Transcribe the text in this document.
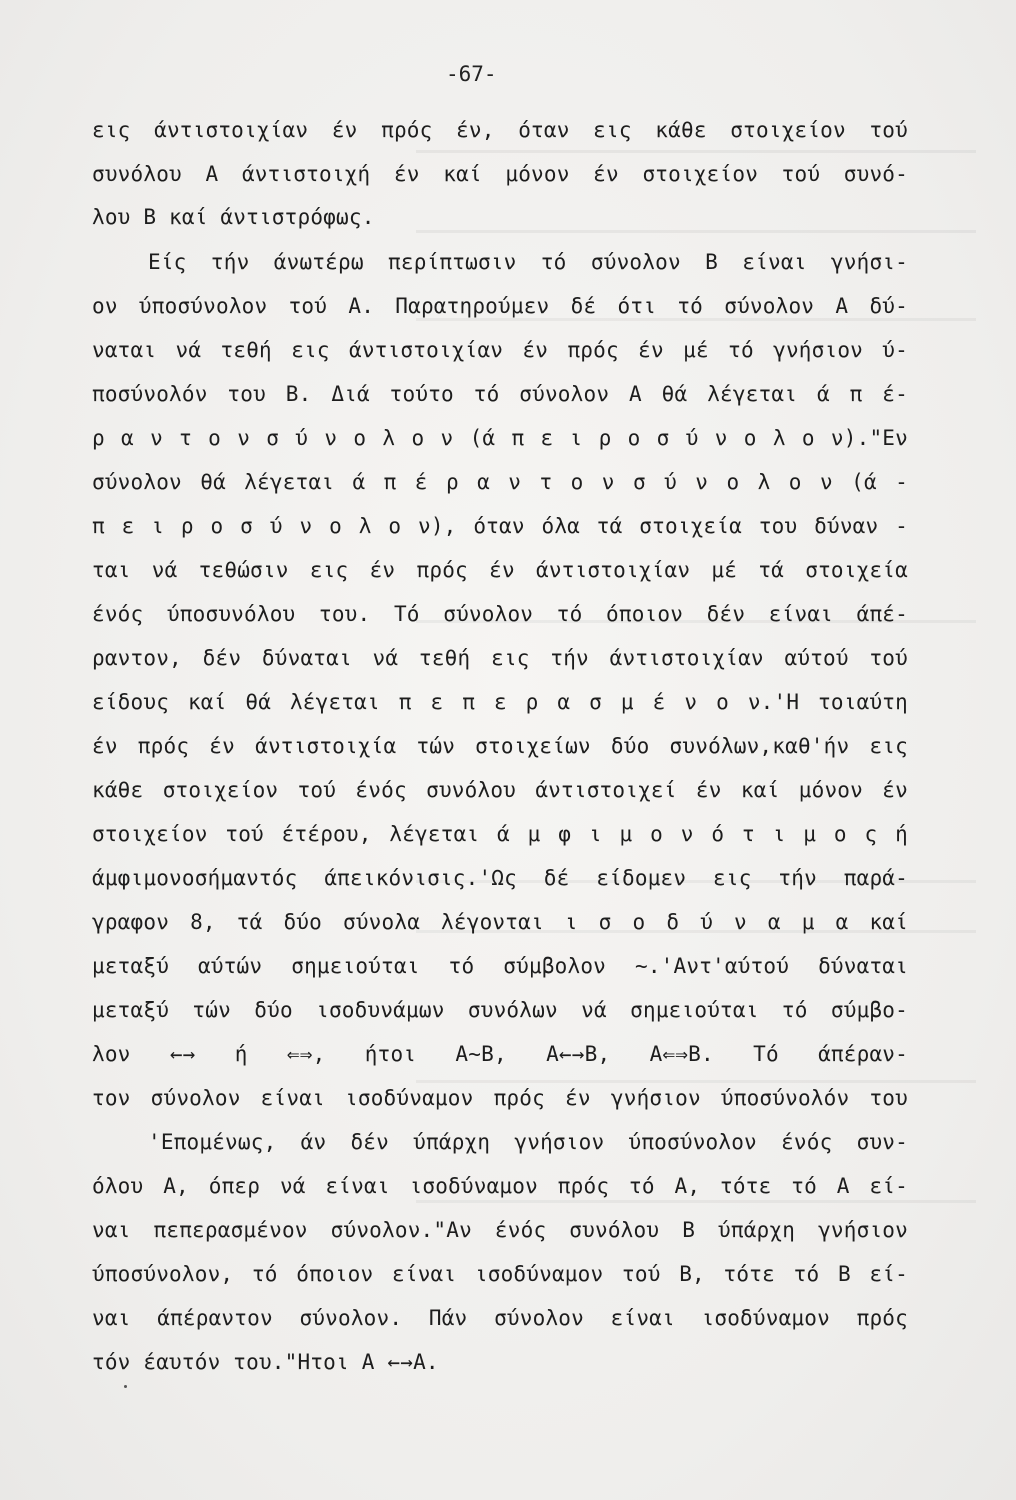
-67-
εις άντιστοιχίαν έν πρός έν, όταν εις κάθε στοιχείον τού
συνόλου Α άντιστοιχή έν καί μόνον έν στοιχείον τού συνό-
λου Β καί άντιστρόφως.
Είς τήν άνωτέρω περίπτωσιν τό σύνολον Β είναι γνήσι-
ον ύποσύνολον τού Α. Παρατηρούμεν δέ ότι τό σύνολον Α δύ-
ναται νά τεθή εις άντιστοιχίαν έν πρός έν μέ τό γνήσιον ύ-
ποσύνολόν του Β. Διά τούτο τό σύνολον Α θά λέγεται ά π έ-
ρ α ν τ ο ν σ ύ ν ο λ ο ν (ά π ε ι ρ ο σ ύ ν ο λ ο ν)."Εν
σύνολον θά λέγεται ά π έ ρ α ν τ ο ν σ ύ ν ο λ ο ν (ά -
π ε ι ρ ο σ ύ ν ο λ ο ν), όταν όλα τά στοιχεία του δύναν -
ται νά τεθώσιν εις έν πρός έν άντιστοιχίαν μέ τά στοιχεία
ένός ύποσυνόλου του. Τό σύνολον τό όποιον δέν είναι άπέ-
ραντον, δέν δύναται νά τεθή εις τήν άντιστοιχίαν αύτού τού
είδους καί θά λέγεται π ε π ε ρ α σ μ έ ν ο ν.'Η τοιαύτη
έν πρός έν άντιστοιχία τών στοιχείων δύο συνόλων,καθ'ήν εις
κάθε στοιχείον τού ένός συνόλου άντιστοιχεί έν καί μόνον έν
στοιχείον τού έτέρου, λέγεται ά μ φ ι μ ο ν ό τ ι μ ο ς ή
άμφιμονοσήμαντός άπεικόνισις.'Ως δέ είδομεν εις τήν παρά-
γραφον 8, τά δύο σύνολα λέγονται ι σ ο δ ύ ν α μ α καί
μεταξύ αύτών σημειούται τό σύμβολον ~.'Αντ'αύτού δύναται
μεταξύ τών δύο ισοδυνάμων συνόλων νά σημειούται τό σύμβο-
λον ←→ ή ⇐⇒, ήτοι Α~Β, Α←→Β, Α⇐⇒Β. Τό άπέραν-
τον σύνολον είναι ισοδύναμον πρός έν γνήσιον ύποσύνολόν του
'Επομένως, άν δέν ύπάρχη γνήσιον ύποσύνολον ένός συν-
όλου Α, όπερ νά είναι ισοδύναμον πρός τό Α, τότε τό Α εί-
ναι πεπερασμένον σύνολον."Αν ένός συνόλου Β ύπάρχη γνήσιον
ύποσύνολον, τό όποιον είναι ισοδύναμον τού Β, τότε τό Β εί-
ναι άπέραντον σύνολον. Πάν σύνολον είναι ισοδύναμον πρός
τόν έαυτόν του."Ητοι Α ←→Α.
